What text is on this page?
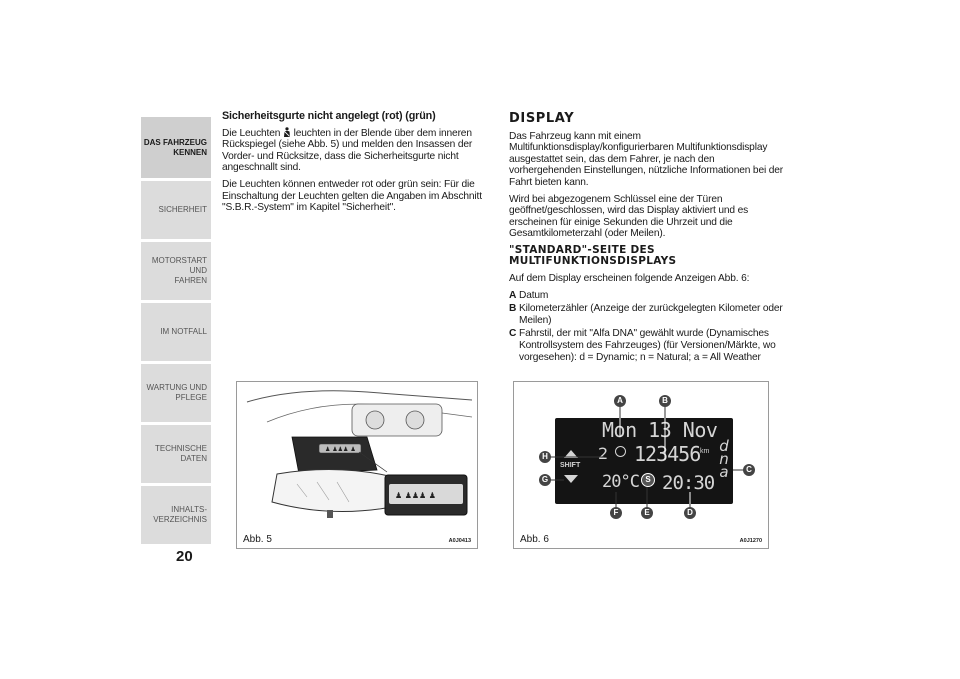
DAS FAHRZEUG
KENNEN
SICHERHEIT
MOTORSTART UND
FAHREN
IM NOTFALL
WARTUNG UND
PFLEGE
TECHNISCHE DATEN
INHALTS-
VERZEICHNIS
20
Sicherheitsgurte nicht angelegt (rot) (grün)

Die Leuchten leuchten in der Blende über dem inneren Rückspiegel (siehe Abb. 5) und melden den Insassen der Vorder- und Rücksitze, dass die Sicherheitsgurte nicht angeschnallt sind.

Die Leuchten können entweder rot oder grün sein: Für die Einschaltung der Leuchten gelten die Angaben im Abschnitt "S.B.R.-System" im Kapitel "Sicherheit".

DISPLAY

Das Fahrzeug kann mit einem Multifunktionsdisplay/konfigurierbaren Multifunktionsdisplay ausgestattet sein, das dem Fahrer, je nach den vorhergehenden Einstellungen, nützliche Informationen bei der Fahrt bieten kann.

Wird bei abgezogenem Schlüssel eine der Türen geöffnet/geschlossen, wird das Display aktiviert und es erscheinen für einige Sekunden die Uhrzeit und die Gesamtkilometerzahl (oder Meilen).

"STANDARD"-SEITE DES MULTIFUNKTIONSDISPLAYS

Auf dem Display erscheinen folgende Anzeigen Abb. 6:

A Datum
B Kilometerzähler (Anzeige der zurückgelegten Kilometer oder Meilen)
C Fahrstil, der mit "Alfa DNA" gewählt wurde (Dynamisches Kontrollsystem des Fahrzeuges) (für Versionen/Märkte, wo vorgesehen): d = Dynamic; n = Natural; a = All Weather
♟ ♟♟♟ ♟
♟ ♟♟♟ ♟
Abb. 5	A0J0413
Mon 13 Nov
2 123456 km
SHIFT
20°C 20:30
d
n
a
S
A	B
C
D
E
F
G
H
Abb. 6	A0J1270
